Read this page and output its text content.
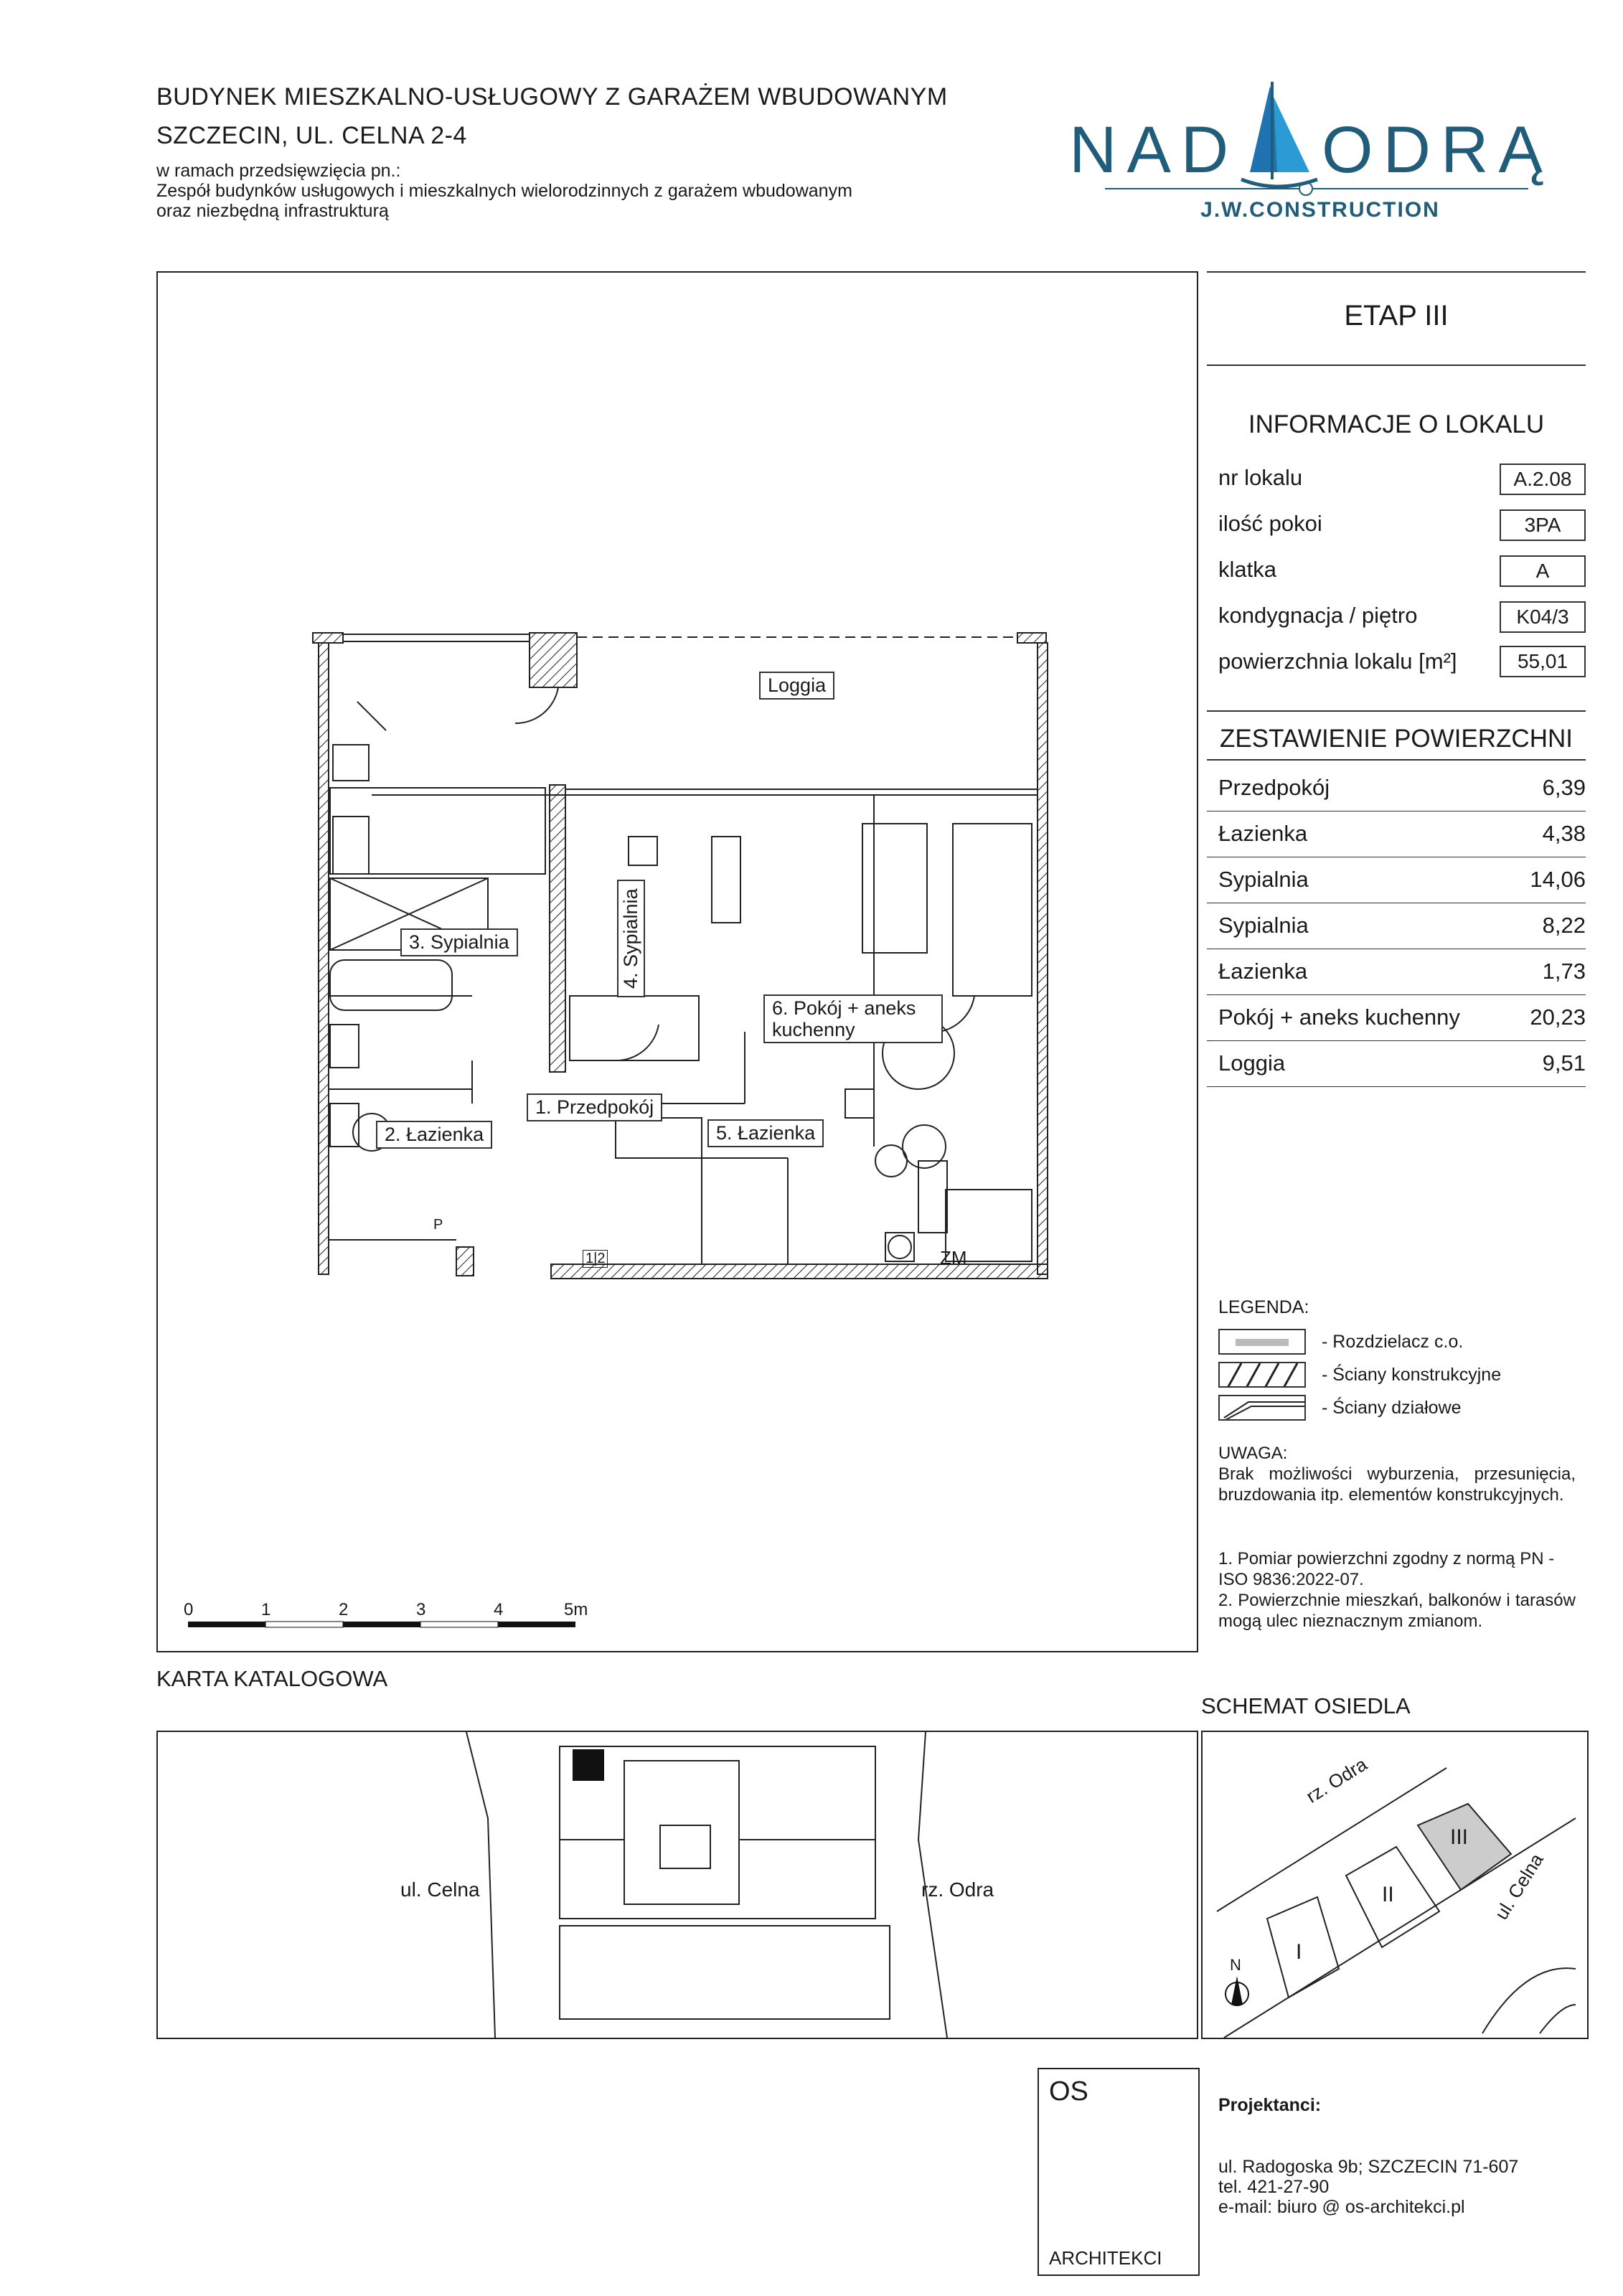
BUDYNEK MIESZKALNO-USŁUGOWY Z GARAŻEM WBUDOWANYM
SZCZECIN, UL. CELNA 2-4
w ramach przedsięwzięcia pn.:
Zespół budynków usługowych i mieszkalnych wielorodzinnych z garażem wbudowanym
oraz niezbędną infrastrukturą
NAD ODRĄ
J.W.CONSTRUCTION
ETAP III
INFORMACJE O LOKALU
nr lokalu	A.2.08
ilość pokoi	3PA
klatka	A
kondygnacja / piętro	K04/3
powierzchnia lokalu [m²]	55,01
ZESTAWIENIE POWIERZCHNI
Przedpokój	6,39
Łazienka	4,38
Sypialnia	14,06
Sypialnia	8,22
Łazienka	1,73
Pokój + aneks kuchenny	20,23
Loggia	9,51
LEGENDA:
- Rozdzielacz c.o.
- Ściany konstrukcyjne
- Ściany działowe
UWAGA:
Brak możliwości wyburzenia, przesunięcia, bruzdowania itp. elementów konstrukcyjnych.
1. Pomiar powierzchni zgodny z normą PN - ISO 9836:2022-07.
2. Powierzchnie mieszkań, balkonów i tarasów mogą ulec nieznacznym zmianom.
0	1	2	3	4	5m
Loggia
3. Sypialnia	4. Sypialnia
6. Pokój + aneks kuchenny
1. Przedpokój
2. Łazienka	5. Łazienka
ZM
P
1|2
KARTA KATALOGOWA
ul. Celna	rz. Odra
SCHEMAT OSIEDLA
rz. Odra
ul. Celna
I
II
III
N
OS
ARCHITEKCI
Projektanci:
ul. Radogoska 9b; SZCZECIN 71-607
tel. 421-27-90
e-mail: biuro @ os-architekci.pl
